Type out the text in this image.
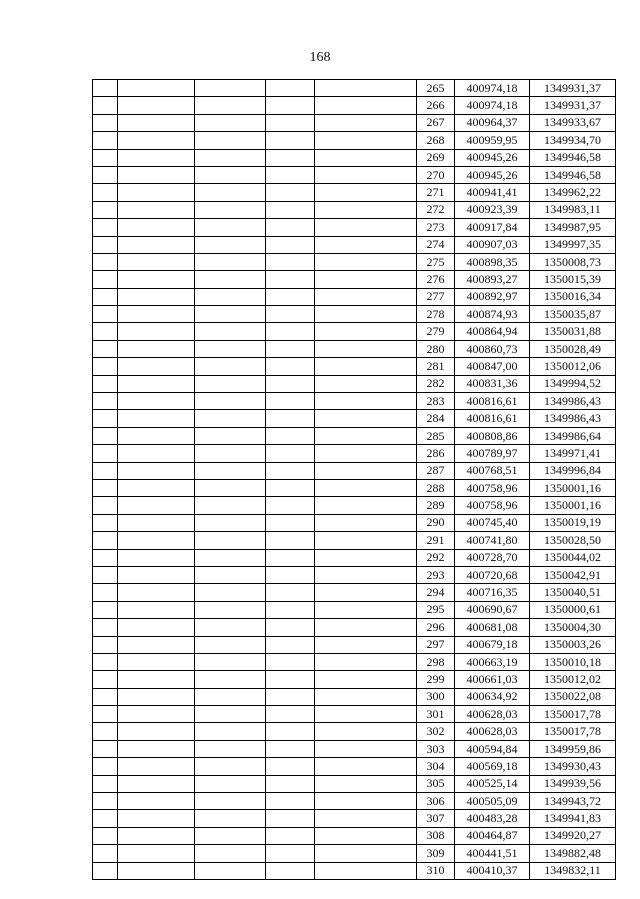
168
					265	400974,18	1349931,37
					266	400974,18	1349931,37
					267	400964,37	1349933,67
					268	400959,95	1349934,70
					269	400945,26	1349946,58
					270	400945,26	1349946,58
					271	400941,41	1349962,22
					272	400923,39	1349983,11
					273	400917,84	1349987,95
					274	400907,03	1349997,35
					275	400898,35	1350008,73
					276	400893,27	1350015,39
					277	400892,97	1350016,34
					278	400874,93	1350035,87
					279	400864,94	1350031,88
					280	400860,73	1350028,49
					281	400847,00	1350012,06
					282	400831,36	1349994,52
					283	400816,61	1349986,43
					284	400816,61	1349986,43
					285	400808,86	1349986,64
					286	400789,97	1349971,41
					287	400768,51	1349996,84
					288	400758,96	1350001,16
					289	400758,96	1350001,16
					290	400745,40	1350019,19
					291	400741,80	1350028,50
					292	400728,70	1350044,02
					293	400720,68	1350042,91
					294	400716,35	1350040,51
					295	400690,67	1350000,61
					296	400681,08	1350004,30
					297	400679,18	1350003,26
					298	400663,19	1350010,18
					299	400661,03	1350012,02
					300	400634,92	1350022,08
					301	400628,03	1350017,78
					302	400628,03	1350017,78
					303	400594,84	1349959,86
					304	400569,18	1349930,43
					305	400525,14	1349939,56
					306	400505,09	1349943,72
					307	400483,28	1349941,83
					308	400464,87	1349920,27
					309	400441,51	1349882,48
					310	400410,37	1349832,11
